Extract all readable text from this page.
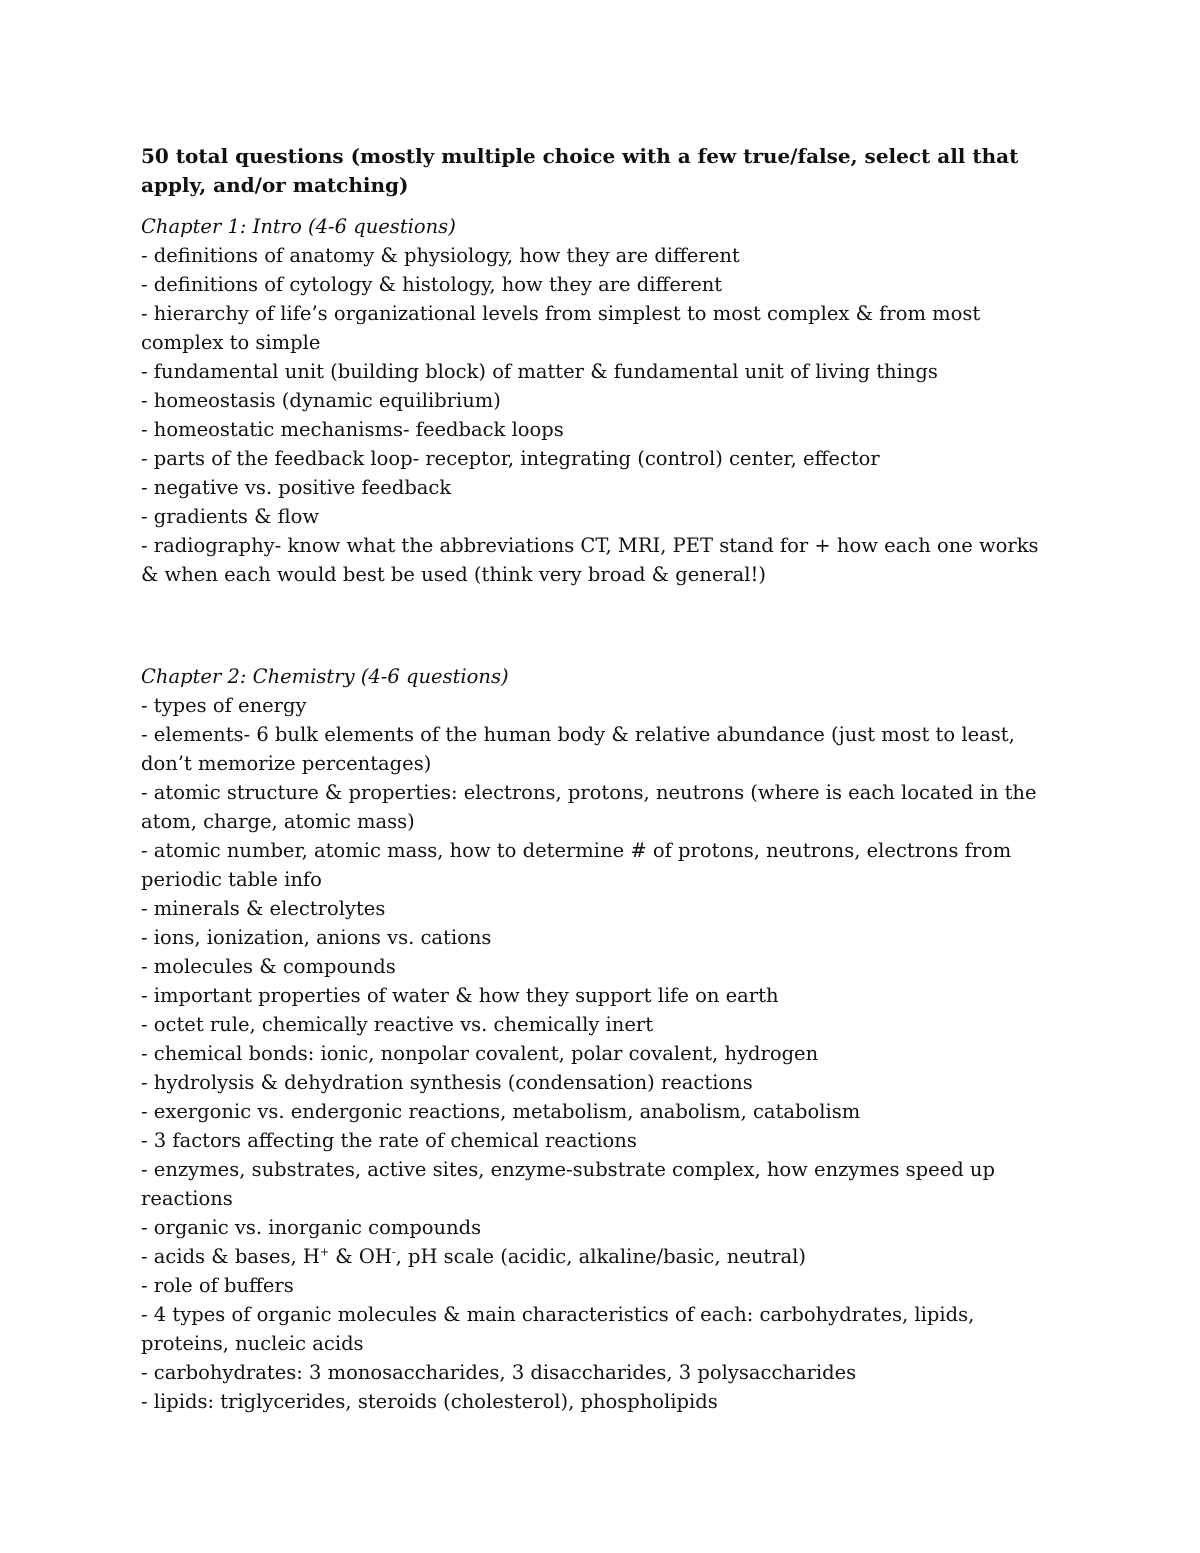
50 total questions (mostly multiple choice with a few true/false, select all that apply, and/or matching)

Chapter 1: Intro (4-6 questions)

- definitions of anatomy & physiology, how they are different

- definitions of cytology & histology, how they are different

- hierarchy of life’s organizational levels from simplest to most complex & from most complex to simple

- fundamental unit (building block) of matter & fundamental unit of living things

- homeostasis (dynamic equilibrium)

- homeostatic mechanisms- feedback loops

- parts of the feedback loop- receptor, integrating (control) center, effector

- negative vs. positive feedback

- gradients & flow

- radiography- know what the abbreviations CT, MRI, PET stand for + how each one works & when each would best be used (think very broad & general!)

Chapter 2: Chemistry (4-6 questions)

- types of energy

- elements- 6 bulk elements of the human body & relative abundance (just most to least, don’t memorize percentages)

- atomic structure & properties: electrons, protons, neutrons (where is each located in the atom, charge, atomic mass)

- atomic number, atomic mass, how to determine # of protons, neutrons, electrons from periodic table info

- minerals & electrolytes

- ions, ionization, anions vs. cations

- molecules & compounds

- important properties of water & how they support life on earth

- octet rule, chemically reactive vs. chemically inert

- chemical bonds: ionic, nonpolar covalent, polar covalent, hydrogen

- hydrolysis & dehydration synthesis (condensation) reactions

- exergonic vs. endergonic reactions, metabolism, anabolism, catabolism

- 3 factors affecting the rate of chemical reactions

- enzymes, substrates, active sites, enzyme-substrate complex, how enzymes speed up reactions

- organic vs. inorganic compounds

- acids & bases, H+ & OH-, pH scale (acidic, alkaline/basic, neutral)

- role of buffers

- 4 types of organic molecules & main characteristics of each: carbohydrates, lipids, proteins, nucleic acids

- carbohydrates: 3 monosaccharides, 3 disaccharides, 3 polysaccharides

- lipids: triglycerides, steroids (cholesterol), phospholipids
